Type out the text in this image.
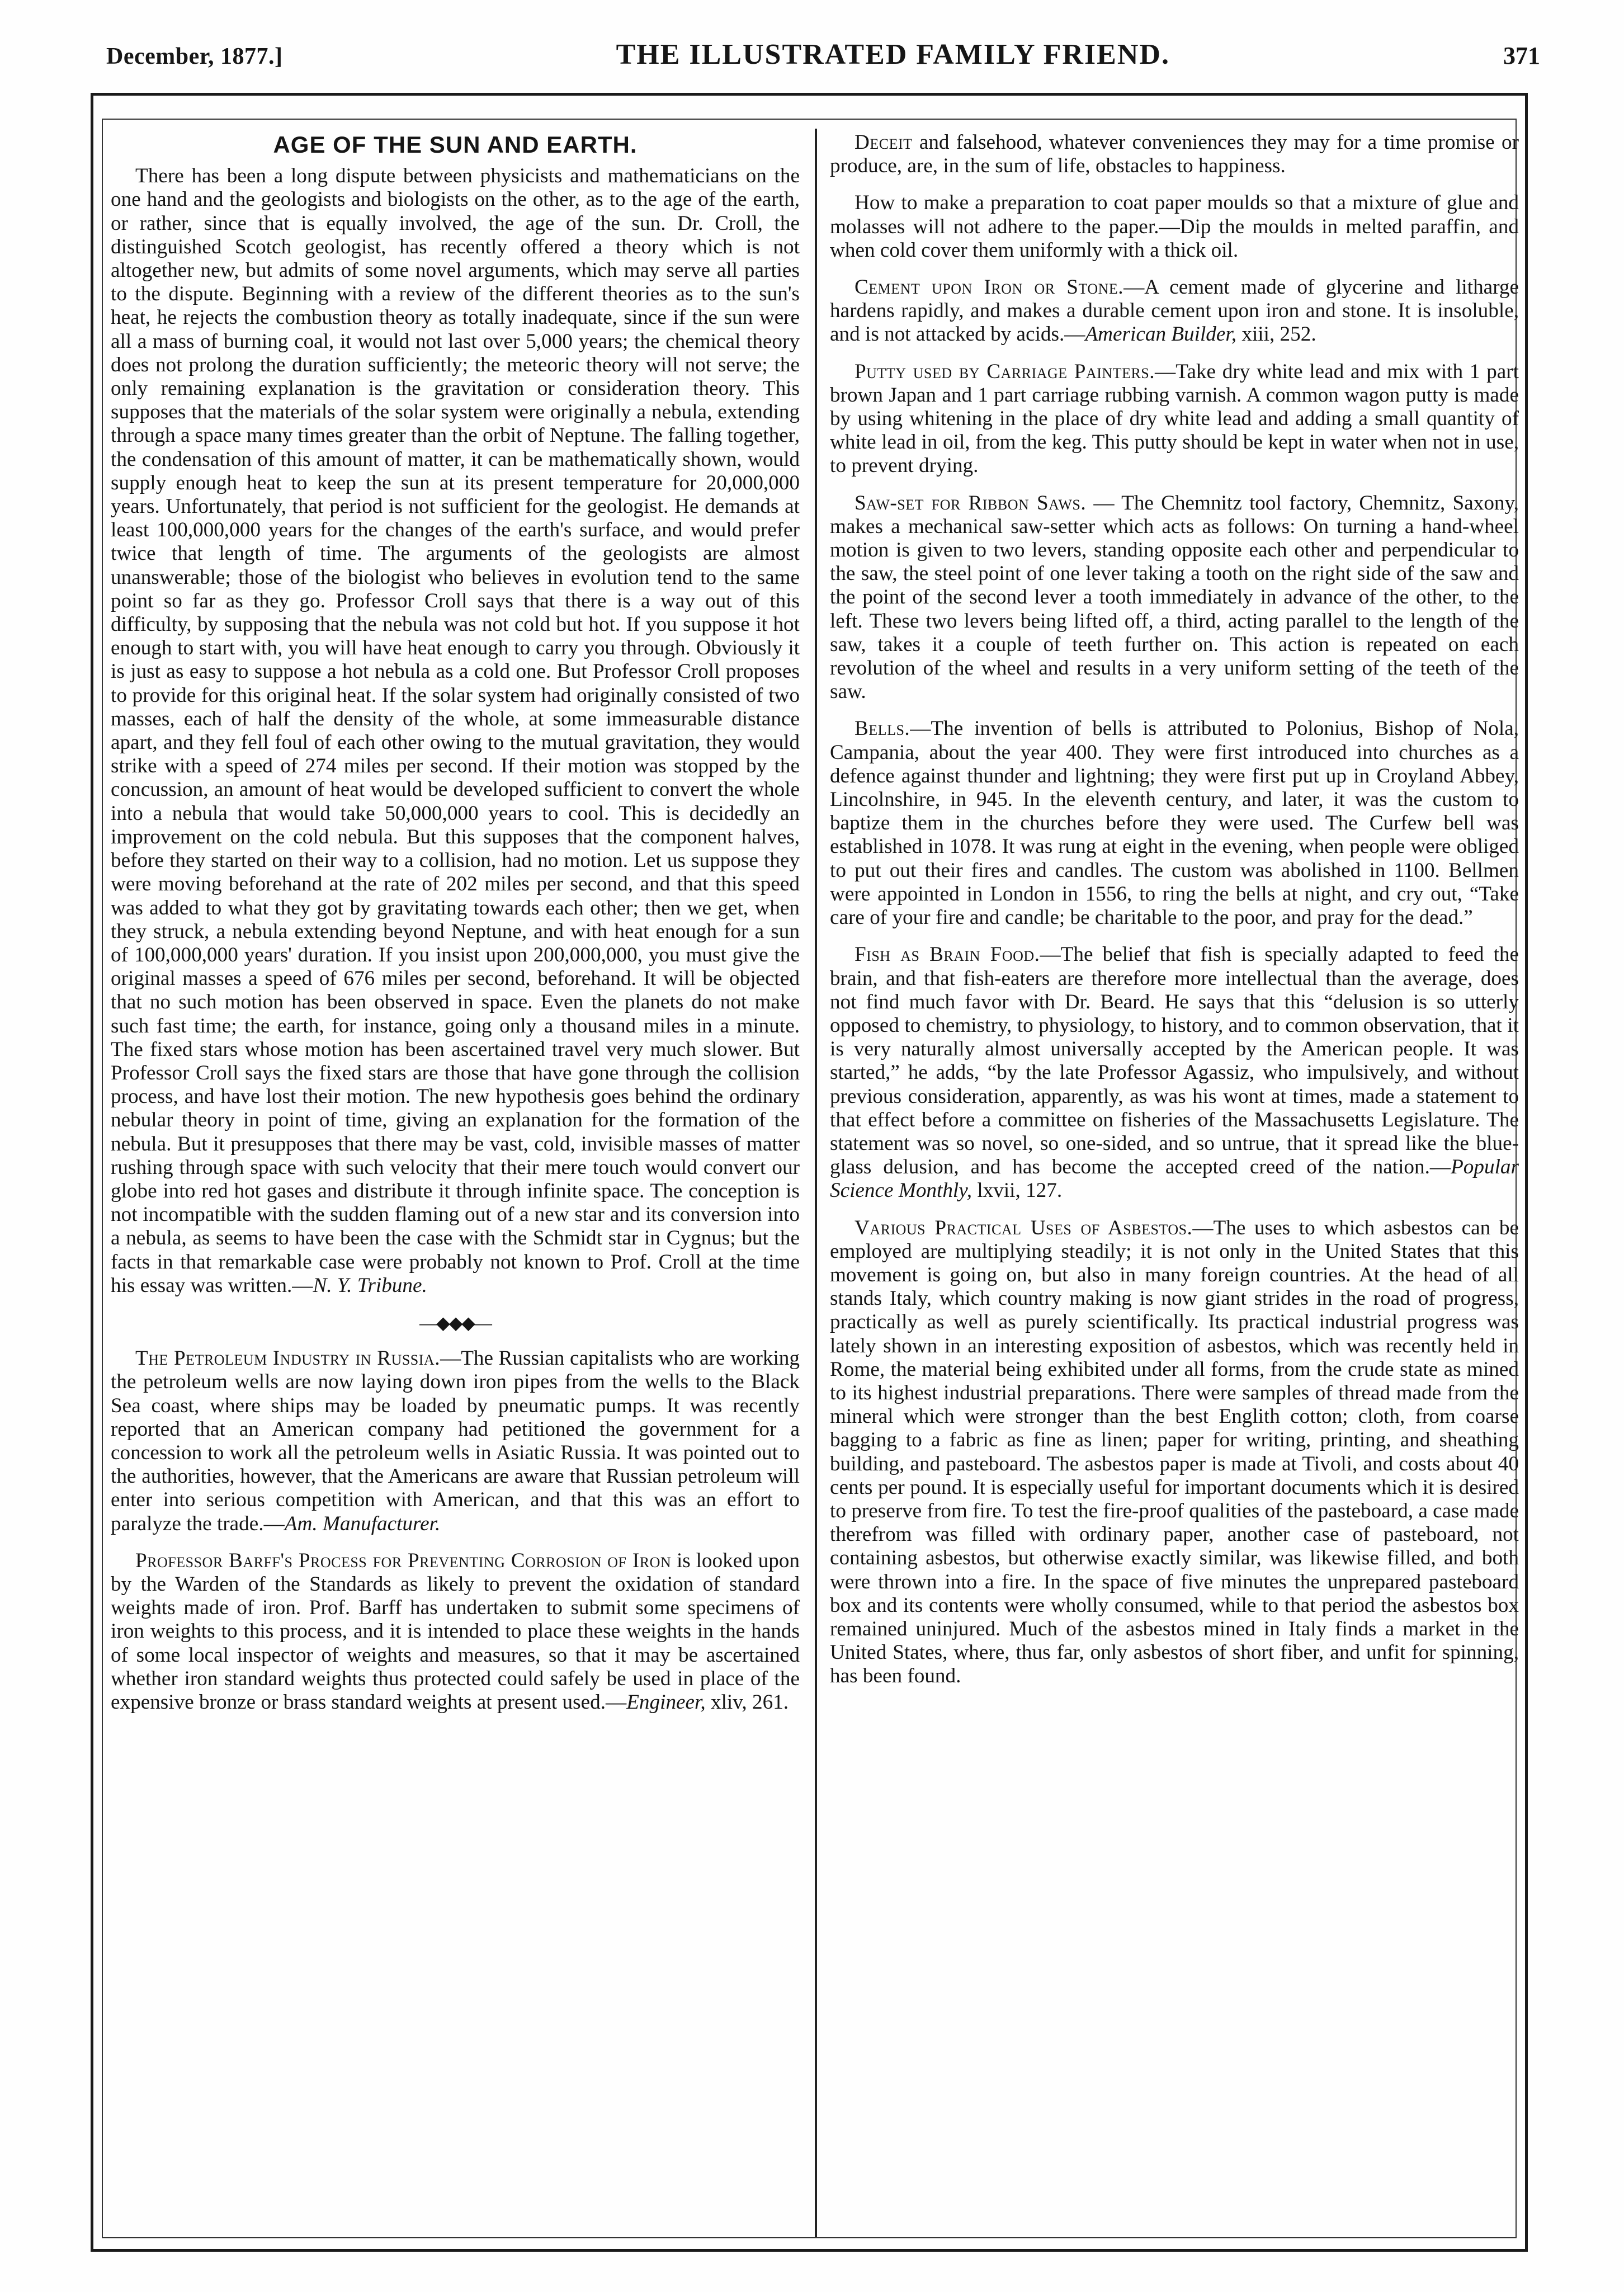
December, 1877.]	THE ILLUSTRATED FAMILY FRIEND.	371
AGE OF THE SUN AND EARTH.

There has been a long dispute between physicists and mathematicians on the one hand and the geologists and biologists on the other, as to the age of the earth, or rather, since that is equally involved, the age of the sun. Dr. Croll, the distinguished Scotch geologist, has recently offered a theory which is not altogether new, but admits of some novel arguments, which may serve all parties to the dispute. Beginning with a review of the different theories as to the sun's heat, he rejects the combustion theory as totally inadequate, since if the sun were all a mass of burning coal, it would not last over 5,000 years; the chemical theory does not prolong the duration sufficiently; the meteoric theory will not serve; the only remaining explanation is the gravitation or consideration theory. This supposes that the materials of the solar system were originally a nebula, extending through a space many times greater than the orbit of Neptune. The falling together, the condensation of this amount of matter, it can be mathematically shown, would supply enough heat to keep the sun at its present temperature for 20,000,000 years. Unfortunately, that period is not sufficient for the geologist. He demands at least 100,000,000 years for the changes of the earth's surface, and would prefer twice that length of time. The arguments of the geologists are almost unanswerable; those of the biologist who believes in evolution tend to the same point so far as they go. Professor Croll says that there is a way out of this difficulty, by supposing that the nebula was not cold but hot. If you suppose it hot enough to start with, you will have heat enough to carry you through. Obviously it is just as easy to suppose a hot nebula as a cold one. But Professor Croll proposes to provide for this original heat. If the solar system had originally consisted of two masses, each of half the density of the whole, at some immeasurable distance apart, and they fell foul of each other owing to the mutual gravitation, they would strike with a speed of 274 miles per second. If their motion was stopped by the concussion, an amount of heat would be developed sufficient to convert the whole into a nebula that would take 50,000,000 years to cool. This is decidedly an improvement on the cold nebula. But this supposes that the component halves, before they started on their way to a collision, had no motion. Let us suppose they were moving beforehand at the rate of 202 miles per second, and that this speed was added to what they got by gravitating towards each other; then we get, when they struck, a nebula extending beyond Neptune, and with heat enough for a sun of 100,000,000 years' duration. If you insist upon 200,000,000, you must give the original masses a speed of 676 miles per second, beforehand. It will be objected that no such motion has been observed in space. Even the planets do not make such fast time; the earth, for instance, going only a thousand miles in a minute. The fixed stars whose motion has been ascertained travel very much slower. But Professor Croll says the fixed stars are those that have gone through the collision process, and have lost their motion. The new hypothesis goes behind the ordinary nebular theory in point of time, giving an explanation for the formation of the nebula. But it presupposes that there may be vast, cold, invisible masses of matter rushing through space with such velocity that their mere touch would convert our globe into red hot gases and distribute it through infinite space. The conception is not incompatible with the sudden flaming out of a new star and its conversion into a nebula, as seems to have been the case with the Schmidt star in Cygnus; but the facts in that remarkable case were probably not known to Prof. Croll at the time his essay was written.—N. Y. Tribune.

—◆◆◆—

The Petroleum Industry in Russia.—The Russian capitalists who are working the petroleum wells are now laying down iron pipes from the wells to the Black Sea coast, where ships may be loaded by pneumatic pumps. It was recently reported that an American company had petitioned the government for a concession to work all the petroleum wells in Asiatic Russia. It was pointed out to the authorities, however, that the Americans are aware that Russian petroleum will enter into serious competition with American, and that this was an effort to paralyze the trade.—Am. Manufacturer.

Professor Barff's Process for Preventing Corrosion of Iron is looked upon by the Warden of the Standards as likely to prevent the oxidation of standard weights made of iron. Prof. Barff has undertaken to submit some specimens of iron weights to this process, and it is intended to place these weights in the hands of some local inspector of weights and measures, so that it may be ascertained whether iron standard weights thus protected could safely be used in place of the expensive bronze or brass standard weights at present used.—Engineer, xliv, 261.

Deceit and falsehood, whatever conveniences they may for a time promise or produce, are, in the sum of life, obstacles to happiness.

How to make a preparation to coat paper moulds so that a mixture of glue and molasses will not adhere to the paper.—Dip the moulds in melted paraffin, and when cold cover them uniformly with a thick oil.

Cement upon Iron or Stone.—A cement made of glycerine and litharge hardens rapidly, and makes a durable cement upon iron and stone. It is insoluble, and is not attacked by acids.—American Builder, xiii, 252.

Putty used by Carriage Painters.—Take dry white lead and mix with 1 part brown Japan and 1 part carriage rubbing varnish. A common wagon putty is made by using whitening in the place of dry white lead and adding a small quantity of white lead in oil, from the keg. This putty should be kept in water when not in use, to prevent drying.

Saw-set for Ribbon Saws. — The Chemnitz tool factory, Chemnitz, Saxony, makes a mechanical saw-setter which acts as follows: On turning a hand-wheel motion is given to two levers, standing opposite each other and perpendicular to the saw, the steel point of one lever taking a tooth on the right side of the saw and the point of the second lever a tooth immediately in advance of the other, to the left. These two levers being lifted off, a third, acting parallel to the length of the saw, takes it a couple of teeth further on. This action is repeated on each revolution of the wheel and results in a very uniform setting of the teeth of the saw.

Bells.—The invention of bells is attributed to Polonius, Bishop of Nola, Campania, about the year 400. They were first introduced into churches as a defence against thunder and lightning; they were first put up in Croyland Abbey, Lincolnshire, in 945. In the eleventh century, and later, it was the custom to baptize them in the churches before they were used. The Curfew bell was established in 1078. It was rung at eight in the evening, when people were obliged to put out their fires and candles. The custom was abolished in 1100. Bellmen were appointed in London in 1556, to ring the bells at night, and cry out, “Take care of your fire and candle; be charitable to the poor, and pray for the dead.”

Fish as Brain Food.—The belief that fish is specially adapted to feed the brain, and that fish-eaters are therefore more intellectual than the average, does not find much favor with Dr. Beard. He says that this “delusion is so utterly opposed to chemistry, to physiology, to history, and to common observation, that it is very naturally almost universally accepted by the American people. It was started,” he adds, “by the late Professor Agassiz, who impulsively, and without previous consideration, apparently, as was his wont at times, made a statement to that effect before a committee on fisheries of the Massachusetts Legislature. The statement was so novel, so one-sided, and so untrue, that it spread like the blue-glass delusion, and has become the accepted creed of the nation.—Popular Science Monthly, lxvii, 127.

Various Practical Uses of Asbestos.—The uses to which asbestos can be employed are multiplying steadily; it is not only in the United States that this movement is going on, but also in many foreign countries. At the head of all stands Italy, which country making is now giant strides in the road of progress, practically as well as purely scientifically. Its practical industrial progress was lately shown in an interesting exposition of asbestos, which was recently held in Rome, the material being exhibited under all forms, from the crude state as mined to its highest industrial preparations. There were samples of thread made from the mineral which were stronger than the best Englith cotton; cloth, from coarse bagging to a fabric as fine as linen; paper for writing, printing, and sheathing building, and pasteboard. The asbestos paper is made at Tivoli, and costs about 40 cents per pound. It is especially useful for important documents which it is desired to preserve from fire. To test the fire-proof qualities of the pasteboard, a case made therefrom was filled with ordinary paper, another case of pasteboard, not containing asbestos, but otherwise exactly similar, was likewise filled, and both were thrown into a fire. In the space of five minutes the unprepared pasteboard box and its contents were wholly consumed, while to that period the asbestos box remained uninjured. Much of the asbestos mined in Italy finds a market in the United States, where, thus far, only asbestos of short fiber, and unfit for spinning, has been found.
